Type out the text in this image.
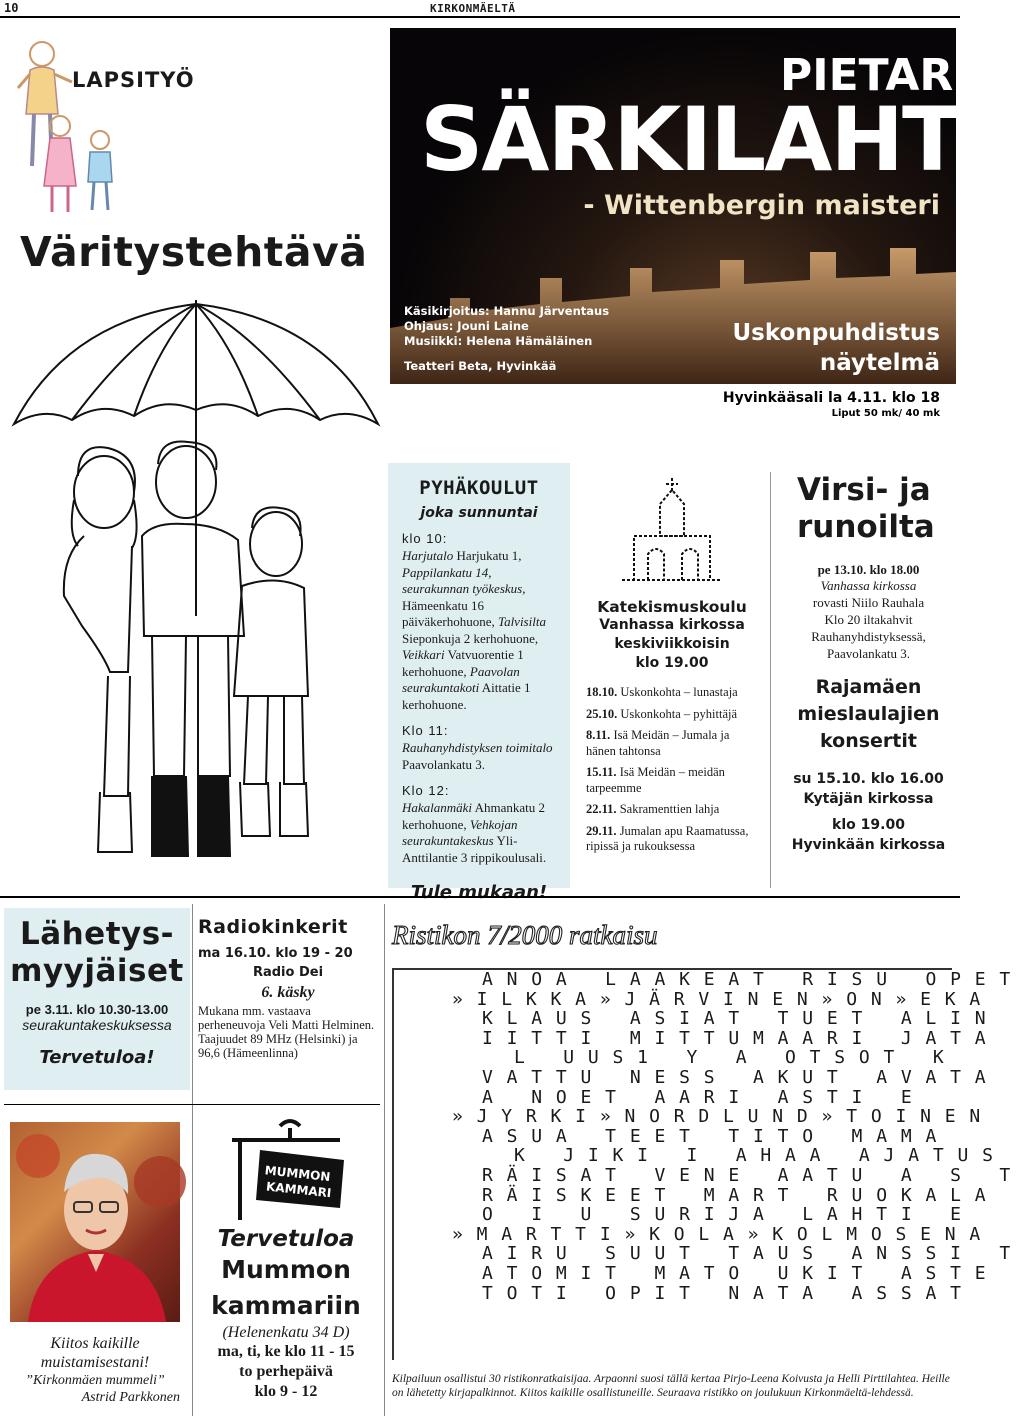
10	KIRKONMÄELTÄ
LAPSITYÖ
Väritystehtävä
PIETARI
SÄRKILAHTI
- Wittenbergin maisteri
Käsikirjoitus: Hannu Järventaus
Ohjaus: Jouni Laine
Musiikki: Helena Hämäläinen
Teatteri Beta, Hyvinkää
Uskonpuhdistus
näytelmä
Hyvinkääsali la 4.11. klo 18
Liput 50 mk/ 40 mk
PYHÄKOULUT
joka sunnuntai
klo 10:

Harjutalo Harjukatu 1, Pappilankatu 14, seurakunnan työkeskus, Hämeenkatu 16 päiväkerhohuone, Talvisilta Sieponkuja 2 kerhohuone, Veikkari Vatvuorentie 1 kerhohuone, Paavolan seurakuntakoti Aittatie 1 kerhohuone.

Klo 11:

Rauhanyhdistyksen toimitalo
Paavolankatu 3.

Klo 12:

Hakalanmäki Ahmankatu 2 kerhohuone, Vehkojan seurakuntakeskus Yli-Anttilantie 3 rippikoulusali.

Tule mukaan!
Katekismuskoulu
Vanhassa kirkossa
keskiviikkoisin
klo 19.00
18.10. Uskonkohta – lunastaja
25.10. Uskonkohta – pyhittäjä
8.11. Isä Meidän – Jumala ja hänen tahtonsa
15.11. Isä Meidän – meidän tarpeemme
22.11. Sakramenttien lahja
29.11. Jumalan apu Raamatussa, ripissä ja rukouksessa
Virsi- ja
runoilta
pe 13.10. klo 18.00
Vanhassa kirkossa
rovasti Niilo Rauhala
Klo 20 iltakahvit
Rauhanyhdistyksessä,
Paavolankatu 3.
Rajamäen
mieslaulajien
konsertit
su 15.10. klo 16.00
Kytäjän kirkossa
klo 19.00
Hyvinkään kirkossa
Lähetys-
myyjäiset
pe 3.11. klo 10.30-13.00
seurakuntakeskuksessa
Tervetuloa!
Radiokinkerit
ma 16.10. klo 19 - 20
Radio Dei
6. käsky

Mukana mm. vastaava perheneuvoja Veli Matti Helminen. Taajuudet 89 MHz (Helsinki) ja 96,6 (Hämeenlinna)

Ristikon 7/2000 ratkaisu
ANOA LAAKEAT RISU OPET
»ILKKA»JÄRVINEN»ON»EKA
KLAUS ASIAT TUET ALIN
IITTI MITTUMAARI JATA
L UUS1 Y A OTSOT K
VATTU NESS AKUT AVATA
A NOET AARI ASTI E
»JYRKI»NORDLUND»TOINEN
ASUA TEET TITO MAMA
K JIKI I AHAA AJATUS
RÄISAT VENE AATU A S T
RÄISKEET MART RUOKALA
O I U SURIJA LAHTI E
»MARTTI»KOLA»KOLMOSENA
AIRU SUUT TAUS ANSSI T
ATOMIT MATO UKIT ASTE
TOTI OPIT NATA ASSAT
Kilpailuun osallistui 30 ristikonratkaisijaa. Arpaonni suosi tällä kertaa Pirjo-Leena Koivusta ja Helli Pirttilahtea. Heille on lähetetty kirjapalkinnot. Kiitos kaikille osallistuneille. Seuraava ristikko on joulukuun Kirkonmäeltä-lehdessä.
Kiitos kaikille
muistamisestani!
”Kirkonmäen mummeli”
Astrid Parkkonen
MUMMON
KAMMARI
Tervetuloa
Mummon
kammariin
(Helenenkatu 34 D)
ma, ti, ke klo 11 - 15
to perhepäivä
klo 9 - 12
